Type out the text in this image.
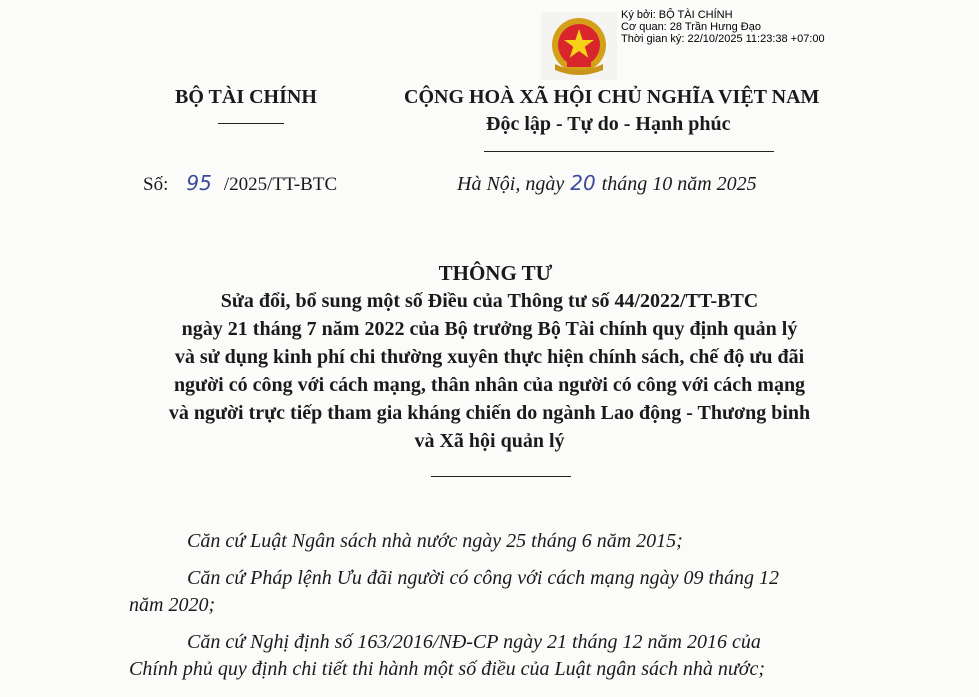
Ký bởi: BỘ TÀI CHÍNH
Cơ quan: 28 Trần Hưng Đạo
Thời gian ký: 22/10/2025 11:23:38 +07:00
BỘ TÀI CHÍNH	CỘNG HOÀ XÃ HỘI CHỦ NGHĨA VIỆT NAM
Độc lập - Tự do - Hạnh phúc
Số: 95 /2025/TT-BTC	Hà Nội, ngày 20 tháng 10 năm 2025
THÔNG TƯ
Sửa đổi, bổ sung một số Điều của Thông tư số 44/2022/TT-BTC
ngày 21 tháng 7 năm 2022 của Bộ trưởng Bộ Tài chính quy định quản lý
và sử dụng kinh phí chi thường xuyên thực hiện chính sách, chế độ ưu đãi
người có công với cách mạng, thân nhân của người có công với cách mạng
và người trực tiếp tham gia kháng chiến do ngành Lao động - Thương binh
và Xã hội quản lý
Căn cứ Luật Ngân sách nhà nước ngày 25 tháng 6 năm 2015;
Căn cứ Pháp lệnh Ưu đãi người có công với cách mạng ngày 09 tháng 12
năm 2020;
Căn cứ Nghị định số 163/2016/NĐ-CP ngày 21 tháng 12 năm 2016 của
Chính phủ quy định chi tiết thi hành một số điều của Luật ngân sách nhà nước;
